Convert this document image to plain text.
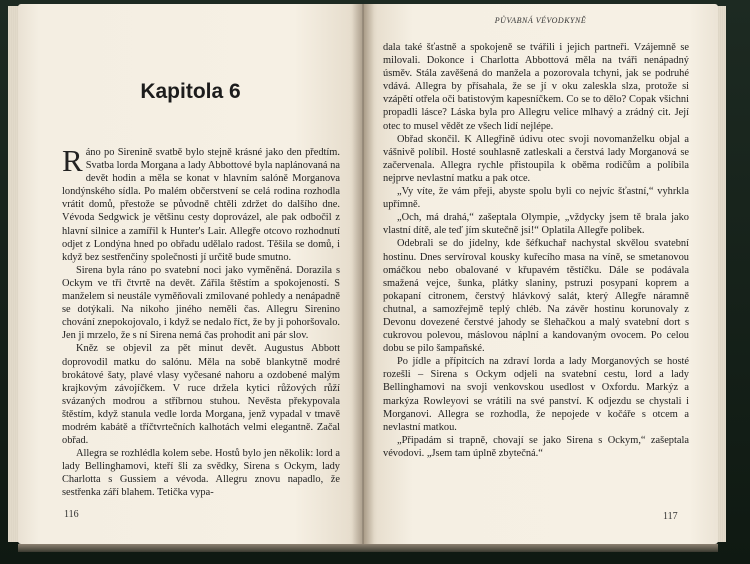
Kapitola 6

Ráno po Sirenině svatbě bylo stejně krásné jako den předtím. Svatba lorda Morgana a lady Abbottové byla naplánovaná na devět hodin a měla se konat v hlavním salóně Morganova londýnského sídla. Po malém občerstvení se celá rodina rozhodla vrátit domů, přestože se původně chtěli zdržet do dalšího dne. Vévoda Sedgwick je většinu cesty doprovázel, ale pak odbočil z hlavní silnice a zamířil k Hunter's Lair. Allegře otcovo rozhodnutí odjet z Londýna hned po obřadu udělalo radost. Těšila se domů, i když bez sestřenčiny společnosti jí určitě bude smutno.

Sirena byla ráno po svatební noci jako vyměněná. Dorazila s Ockym ve tři čtvrtě na devět. Zářila štěstím a spokojeností. S manželem si neustále vyměňovali zmilované pohledy a nenápadně se dotýkali. Na nikoho jiného neměli čas. Allegru Sirenino chování znepokojovalo, i když se nedalo říct, že by ji pohoršovalo. Jen ji mrzelo, že s ní Sirena nemá čas prohodit ani pár slov.

Kněz se objevil za pět minut devět. Augustus Abbott doprovodil matku do salónu. Měla na sobě blankytně modré brokátové šaty, plavé vlasy vyčesané nahoru a ozdobené malým krajkovým závojíčkem. V ruce držela kytici růžových růží svázaných modrou a stříbrnou stuhou. Nevěsta překypovala štěstím, když stanula vedle lorda Morgana, jenž vypadal v tmavě modrém kabátě a tříčtvrtečních kalhotách velmi elegantně. Začal obřad.

Allegra se rozhlédla kolem sebe. Hostů bylo jen několik: lord a lady Bellinghamovi, kteří šli za svědky, Sirena s Ockym, lady Charlotta s Gussiem a vévoda. Allegru znovu napadlo, že sestřenka září blahem. Tetička vypa-

116
PŮVABNÁ VÉVODKYNĚ

dala také šťastně a spokojeně se tvářili i jejich partneři. Vzájemně se milovali. Dokonce i Charlotta Abbottová měla na tváři nenápadný úsměv. Stála zavěšená do manžela a pozorovala tchyni, jak se podruhé vdává. Allegra by přísahala, že se jí v oku zaleskla slza, protože si vzápětí otřela oči batistovým kapesníčkem. Co se to dělo? Copak všichni propadli lásce? Láska byla pro Allegru velice mlhavý a zrádný cit. Její otec to musel vědět ze všech lidí nejlépe.

Obřad skončil. K Allegřině údivu otec svoji novomanželku objal a vášnivě políbil. Hosté souhlasně zatleskali a čerstvá lady Morganová se začervenala. Allegra rychle přistoupila k oběma rodičům a políbila nejprve nevlastní matku a pak otce.

„Vy víte, že vám přeji, abyste spolu byli co nejvíc šťastní,“ vyhrkla upřímně.

„Och, má drahá,“ zašeptala Olympie, „vždycky jsem tě brala jako vlastní dítě, ale teď jím skutečně jsi!“ Oplatila Allegře polibek.

Odebrali se do jídelny, kde šéfkuchař nachystal skvělou svatební hostinu. Dnes servíroval kousky kuřecího masa na víně, se smetanovou omáčkou nebo obalované v křupavém těstíčku. Dále se podávala smažená vejce, šunka, plátky slaniny, pstruzi posypaní koprem a pokapaní citronem, čerstvý hlávkový salát, který Allegře náramně chutnal, a samozřejmě teplý chléb. Na závěr hostinu korunovaly z Devonu dovezené čerstvé jahody se šlehačkou a malý svatební dort s cukrovou polevou, máslovou náplní a kandovaným ovocem. Po celou dobu se pilo šampaňské.

Po jídle a přípitcích na zdraví lorda a lady Morganových se hosté rozešli – Sirena s Ockym odjeli na svatební cestu, lord a lady Bellinghamovi na svoji venkovskou usedlost v Oxfordu. Markýz a markýza Rowleyovi se vrátili na své panství. K odjezdu se chystali i Morganovi. Allegra se rozhodla, že nepojede v kočáře s otcem a nevlastní matkou.

„Připadám si trapně, chovají se jako Sirena s Ockym,“ zašeptala vévodovi. „Jsem tam úplně zbytečná.“

117
